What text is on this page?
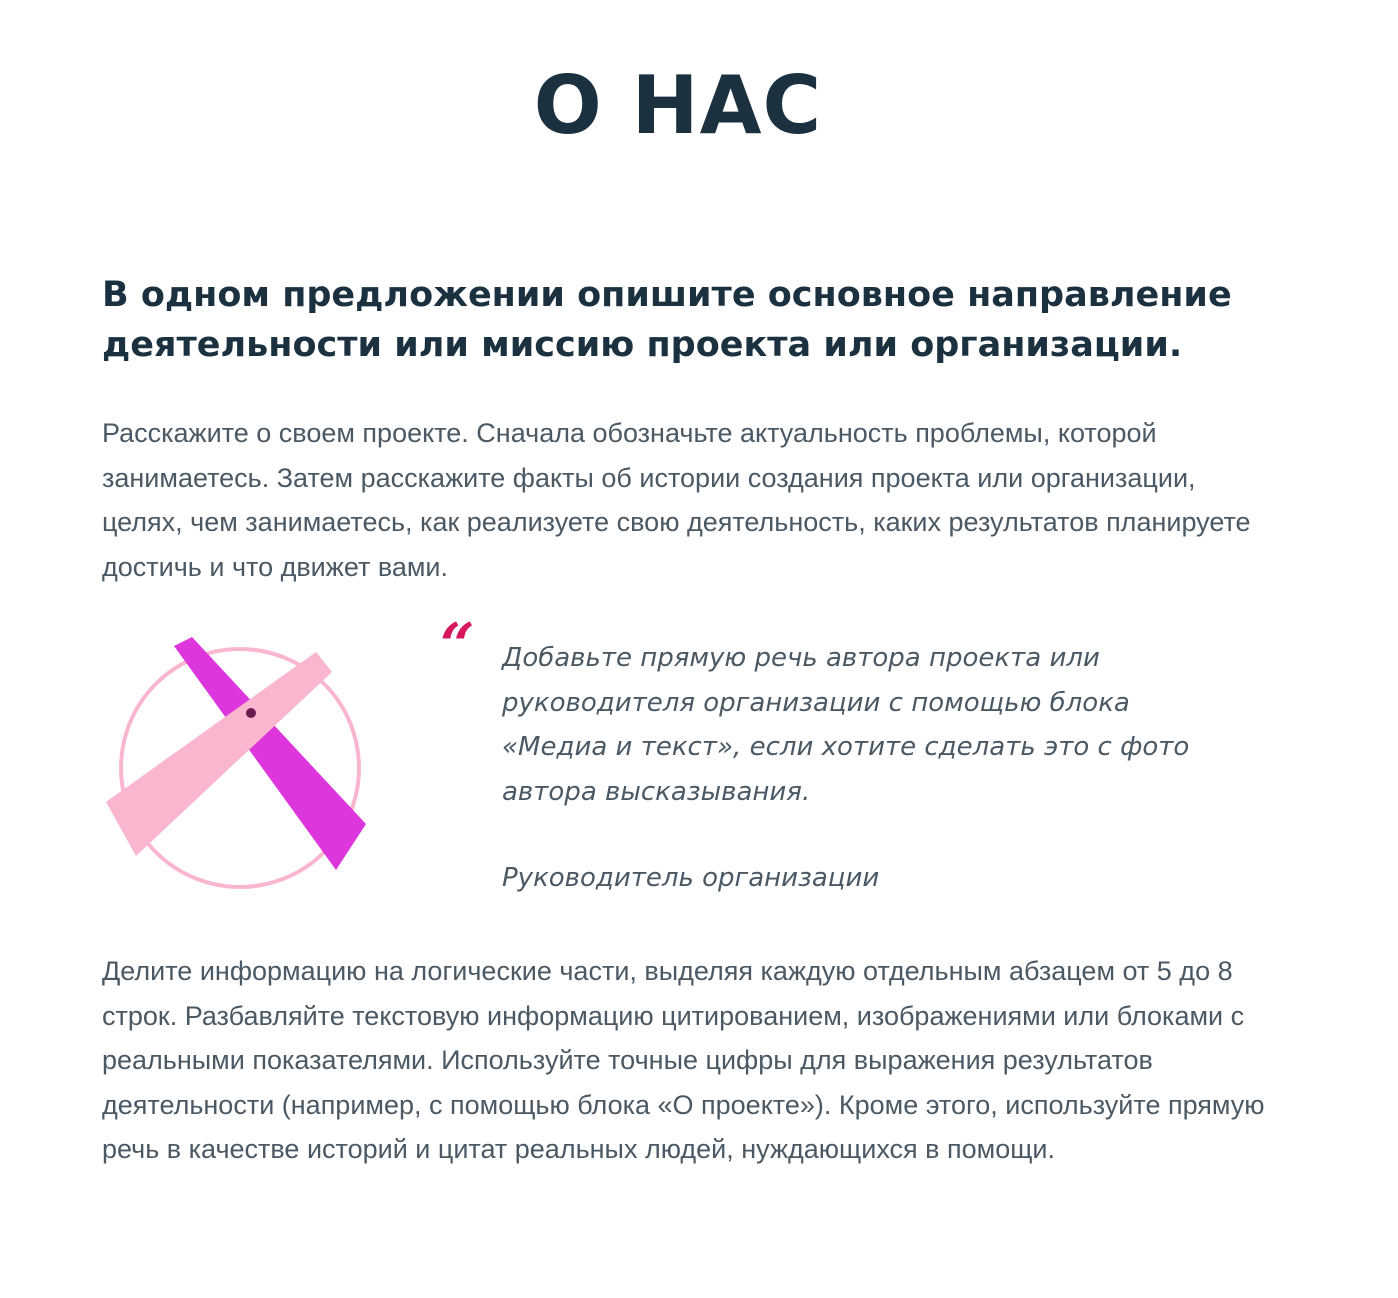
О НАС
В одном предложении опишите основное направление деятельности или миссию проекта или организации.

Расскажите о своем проекте. Сначала обозначьте актуальность проблемы, которой занимаетесь. Затем расскажите факты об истории создания проекта или организации, целях, чем занимаетесь, как реализуете свою деятельность, каких результатов планируете достичь и что движет вами.

“ Добавьте прямую речь автора проекта или руководителя организации с помощью блока «Медиа и текст», если хотите сделать это с фото автора высказывания.

Руководитель организации

Делите информацию на логические части, выделяя каждую отдельным абзацем от 5 до 8 строк. Разбавляйте текстовую информацию цитированием, изображениями или блоками с реальными показателями. Используйте точные цифры для выражения результатов деятельности (например, с помощью блока «О проекте»). Кроме этого, используйте прямую речь в качестве историй и цитат реальных людей, нуждающихся в помощи.
